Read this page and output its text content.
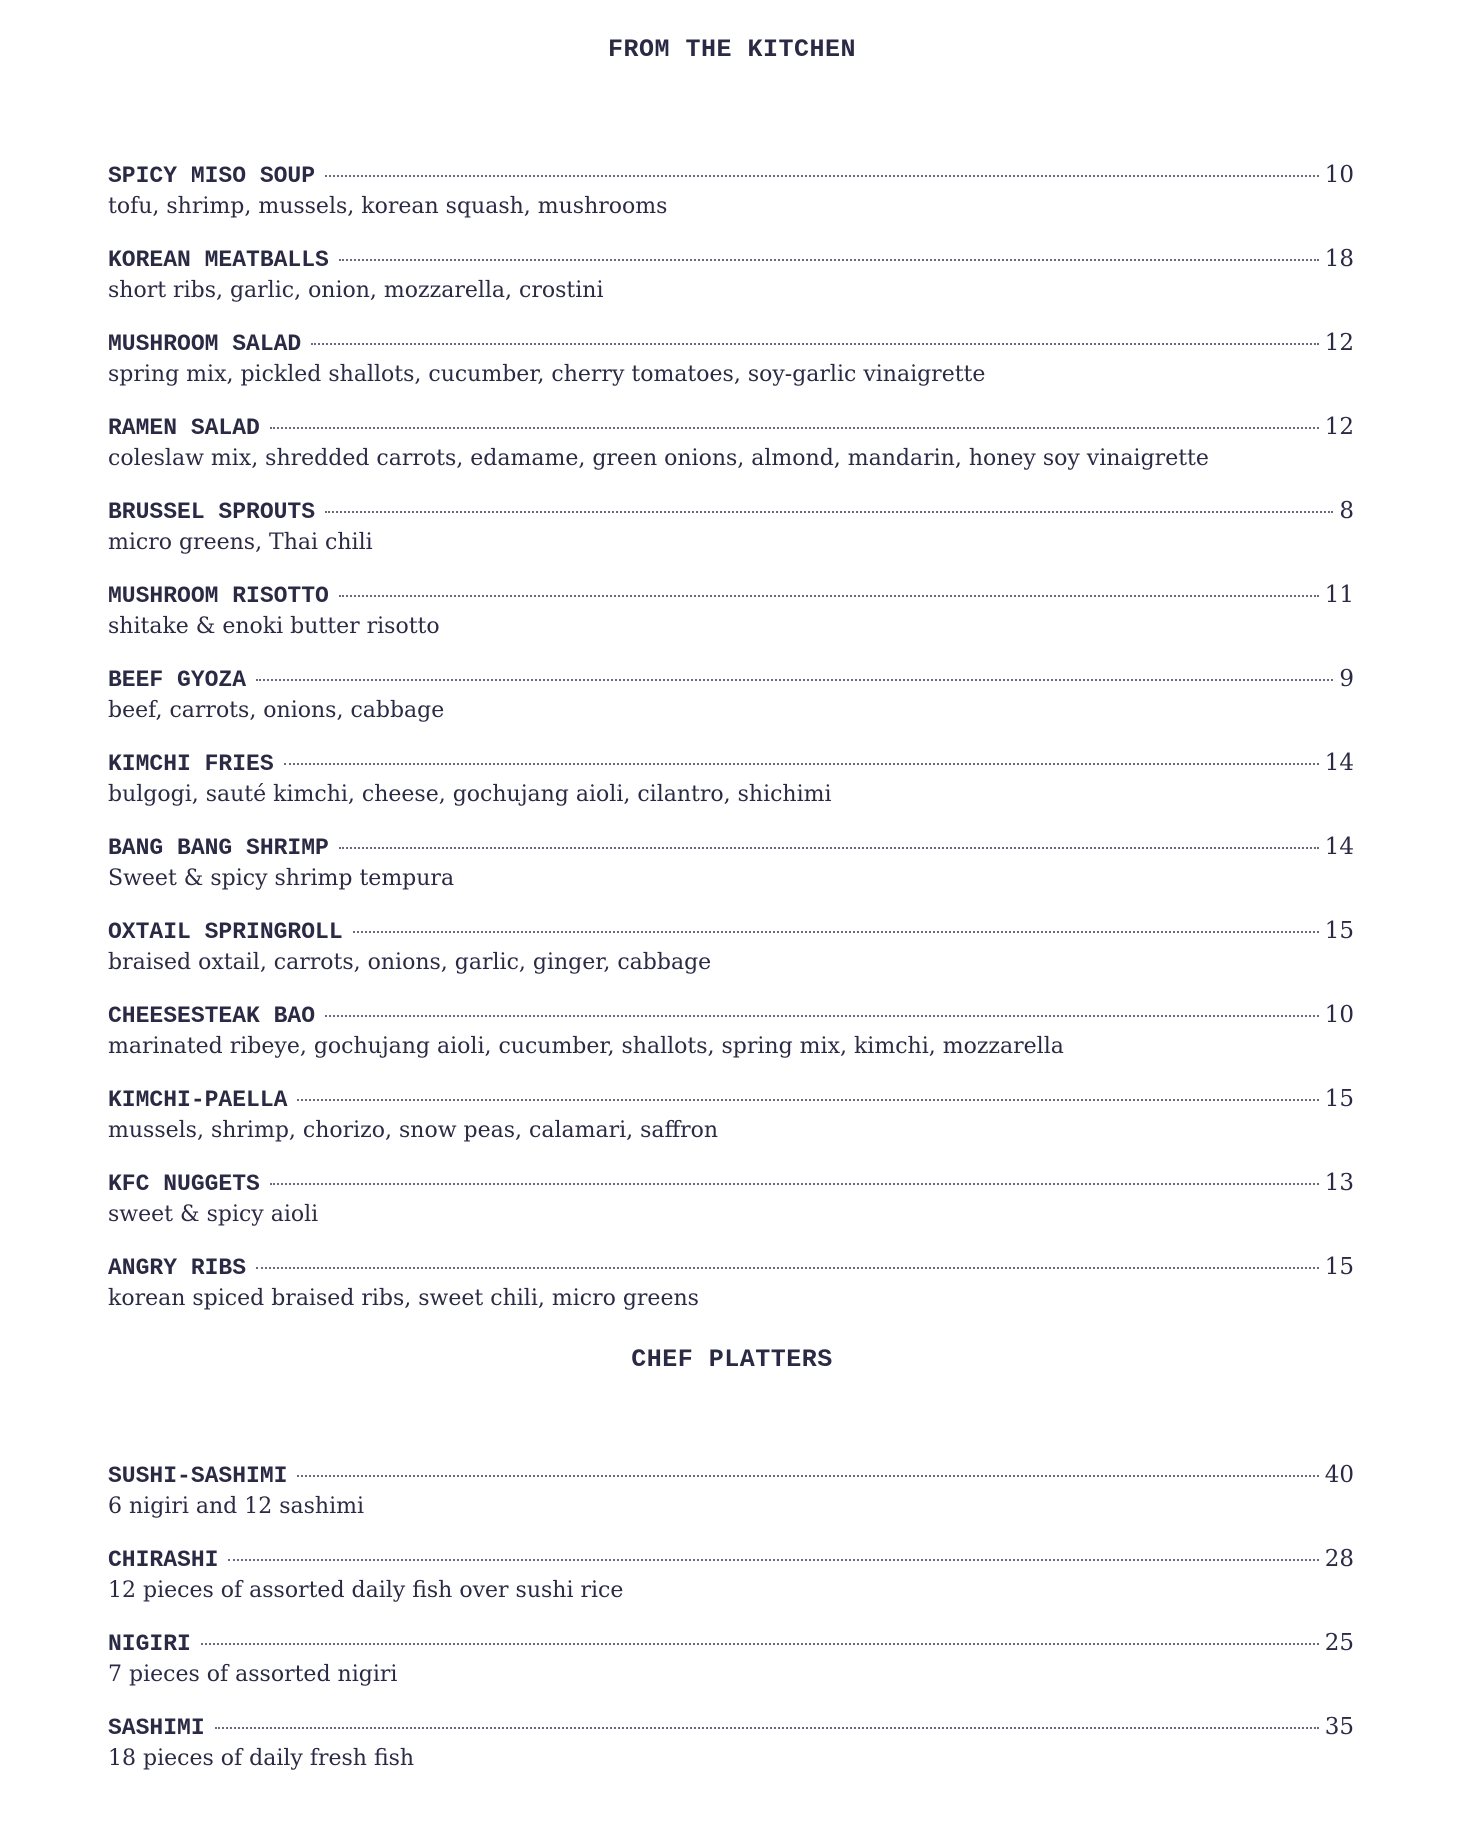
FROM THE KITCHEN
SPICY MISO SOUP	10
tofu, shrimp, mussels, korean squash, mushrooms
KOREAN MEATBALLS	18
short ribs, garlic, onion, mozzarella, crostini
MUSHROOM SALAD	12
spring mix, pickled shallots, cucumber, cherry tomatoes, soy-garlic vinaigrette
RAMEN SALAD	12
coleslaw mix, shredded carrots, edamame, green onions, almond, mandarin, honey soy vinaigrette
BRUSSEL SPROUTS	8
micro greens, Thai chili
MUSHROOM RISOTTO	11
shitake & enoki butter risotto
BEEF GYOZA	9
beef, carrots, onions, cabbage
KIMCHI FRIES	14
bulgogi, sauté kimchi, cheese, gochujang aioli, cilantro, shichimi
BANG BANG SHRIMP	14
Sweet & spicy shrimp tempura
OXTAIL SPRINGROLL	15
braised oxtail, carrots, onions, garlic, ginger, cabbage
CHEESESTEAK BAO	10
marinated ribeye, gochujang aioli, cucumber, shallots, spring mix, kimchi, mozzarella
KIMCHI-PAELLA	15
mussels, shrimp, chorizo, snow peas, calamari, saffron
KFC NUGGETS	13
sweet & spicy aioli
ANGRY RIBS	15
korean spiced braised ribs, sweet chili, micro greens
CHEF PLATTERS
SUSHI-SASHIMI	40
6 nigiri and 12 sashimi
CHIRASHI	28
12 pieces of assorted daily fish over sushi rice
NIGIRI	25
7 pieces of assorted nigiri
SASHIMI	35
18 pieces of daily fresh fish
